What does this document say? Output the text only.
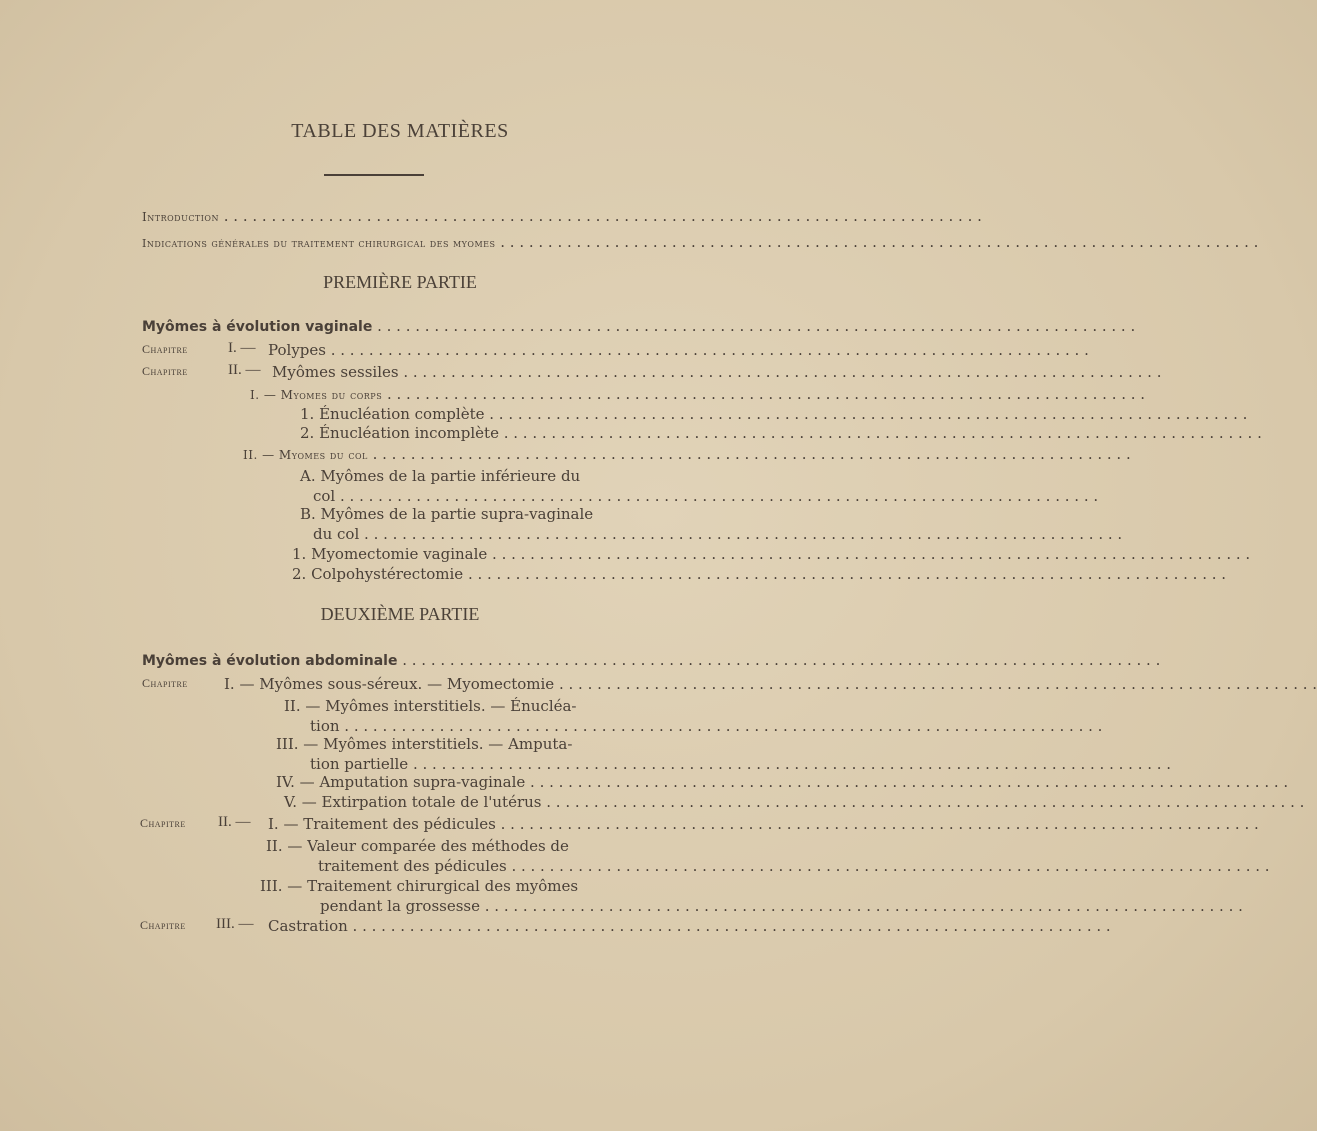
TABLE DES MATIÈRES
Introduction . . .
Indications générales du traitement chirurgical des myomes . . .
PREMIÈRE PARTIE
Myômes à évolution vaginale . . .
Chapitre	I. — Polypes . . .
Chapitre	II. — Myômes sessiles . . .
I. — Myomes du corps . . .
1. Énucléation complète . . .
2. Énucléation incomplète . . .
II. — Myomes du col . . .
A. Myômes de la partie inférieure du
col . . .
B. Myômes de la partie supra-vaginale
du col . . .
1. Myomectomie vaginale . . .
2. Colpohystérectomie . . .
DEUXIÈME PARTIE
Myômes à évolution abdominale . . .
Chapitre I. — Myômes sous-séreux. — Myomectomie . . .
II. — Myômes interstitiels. — Énucléa-
tion . . .
III. — Myômes interstitiels. — Amputa-
tion partielle . . .
IV. — Amputation supra-vaginale . . .
V. — Extirpation totale de l'utérus . . .
Chapitre II. — I. — Traitement des pédicules . . .
II. — Valeur comparée des méthodes de
traitement des pédicules . . .
III. — Traitement chirurgical des myômes
pendant la grossesse . . .
Chapitre III. — Castration . . .
